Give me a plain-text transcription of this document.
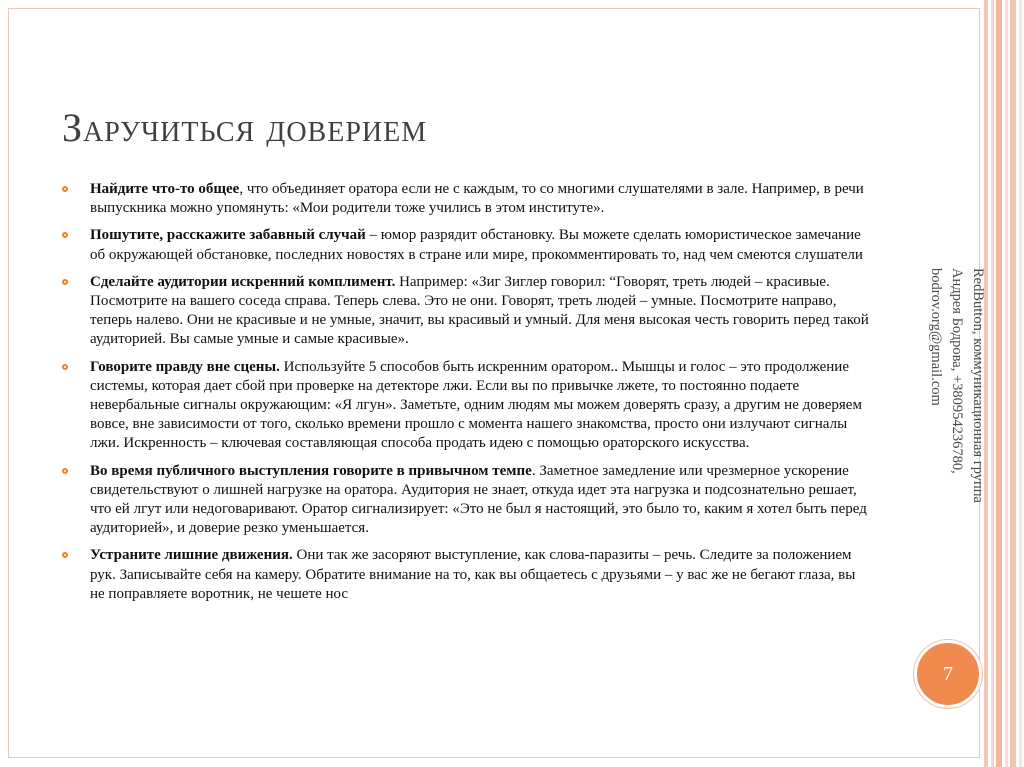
Заручиться доверием
Найдите что-то общее, что объединяет оратора если не с каждым, то со многими слушателями в зале. Например, в речи выпускника можно упомянуть: «Мои родители тоже учились в этом институте».
Пошутите, расскажите забавный случай – юмор разрядит обстановку. Вы можете сделать юмористическое замечание об окружающей обстановке, последних новостях в стране или мире, прокомментировать то, над чем смеются слушатели
Сделайте аудитории искренний комплимент. Например: «Зиг Зиглер говорил: “Говорят, треть людей – красивые. Посмотрите на вашего соседа справа. Теперь слева. Это не они. Говорят, треть людей – умные. Посмотрите направо, теперь налево. Они не красивые и не умные, значит, вы красивый и умный. Для меня высокая честь говорить перед такой аудиторией. Вы самые умные и самые красивые».
Говорите правду вне сцены. Используйте 5 способов быть искренним оратором.. Мышцы и голос – это продолжение системы, которая дает сбой при проверке на детекторе лжи. Если вы по привычке лжете, то постоянно подаете невербальные сигналы окружающим: «Я лгун». Заметьте, одним людям мы можем доверять сразу, а другим не доверяем вовсе, вне зависимости от того, сколько времени прошло с момента нашего знакомства, просто они излучают сигналы лжи. Искренность – ключевая составляющая способа продать идею с помощью ораторского искусства.
Во время публичного выступления говорите в привычном темпе. Заметное замедление или чрезмерное ускорение свидетельствуют о лишней нагрузке на оратора. Аудитория не знает, откуда идет эта нагрузка и подсознательно решает, что ей лгут или недоговаривают. Оратор сигнализирует: «Это не был я настоящий, это было то, каким я хотел быть перед аудиторией», и доверие резко уменьшается.
Устраните лишние движения. Они так же засоряют выступление, как слова-паразиты – речь. Следите за положением рук. Записывайте себя на камеру. Обратите внимание на то, как вы общаетесь с друзьями – у вас же не бегают глаза, вы не поправляете воротник, не чешете нос
RedButton, коммуникационная группа
Андрея Бодрова, +380954236780,
bodrov.org@gmail.com
7
